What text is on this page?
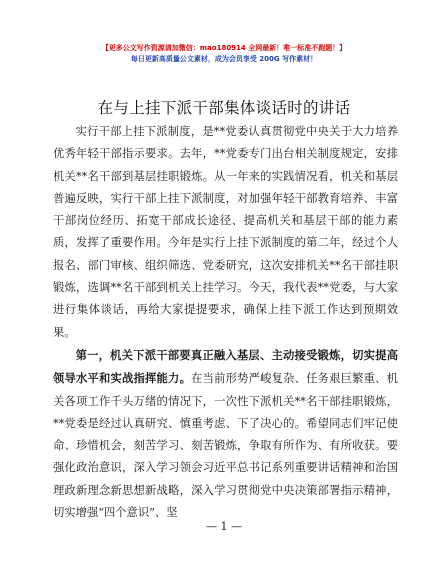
【更多公文写作资源请加微信：mao180914 全网最新！唯一标准不跑题！】
每日更新高质量公文素材，成为会员享受 200G 写作素材！
在与上挂下派干部集体谈话时的讲话

实行干部上挂下派制度，是**党委认真贯彻党中央关于大力培养优秀年轻干部指示要求。去年，**党委专门出台相关制度规定，安排机关**名干部到基层挂职锻炼。从一年来的实践情况看，机关和基层普遍反映，实行干部上挂下派制度，对加强年轻干部教育培养、丰富干部岗位经历、拓宽干部成长途径、提高机关和基层干部的能力素质，发挥了重要作用。今年是实行上挂下派制度的第二年，经过个人报名、部门审核、组织筛选、党委研究，这次安排机关**名干部挂职锻炼，选调**名干部到机关上挂学习。今天，我代表**党委，与大家进行集体谈话，再给大家提提要求，确保上挂下派工作达到预期效果。

第一，机关下派干部要真正融入基层、主动接受锻炼，切实提高领导水平和实战指挥能力。在当前形势严峻复杂、任务艰巨繁重、机关各项工作千头万绪的情况下，一次性下派机关**名干部挂职锻炼，**党委是经过认真研究、慎重考虑、下了决心的。希望同志们牢记使命、珍惜机会，刻苦学习、刻苦锻炼，争取有所作为、有所收获。要强化政治意识，深入学习领会习近平总书记系列重要讲话精神和治国理政新理念新思想新战略，深入学习贯彻党中央决策部署指示精神，切实增强“四个意识”、坚

— 1 —
